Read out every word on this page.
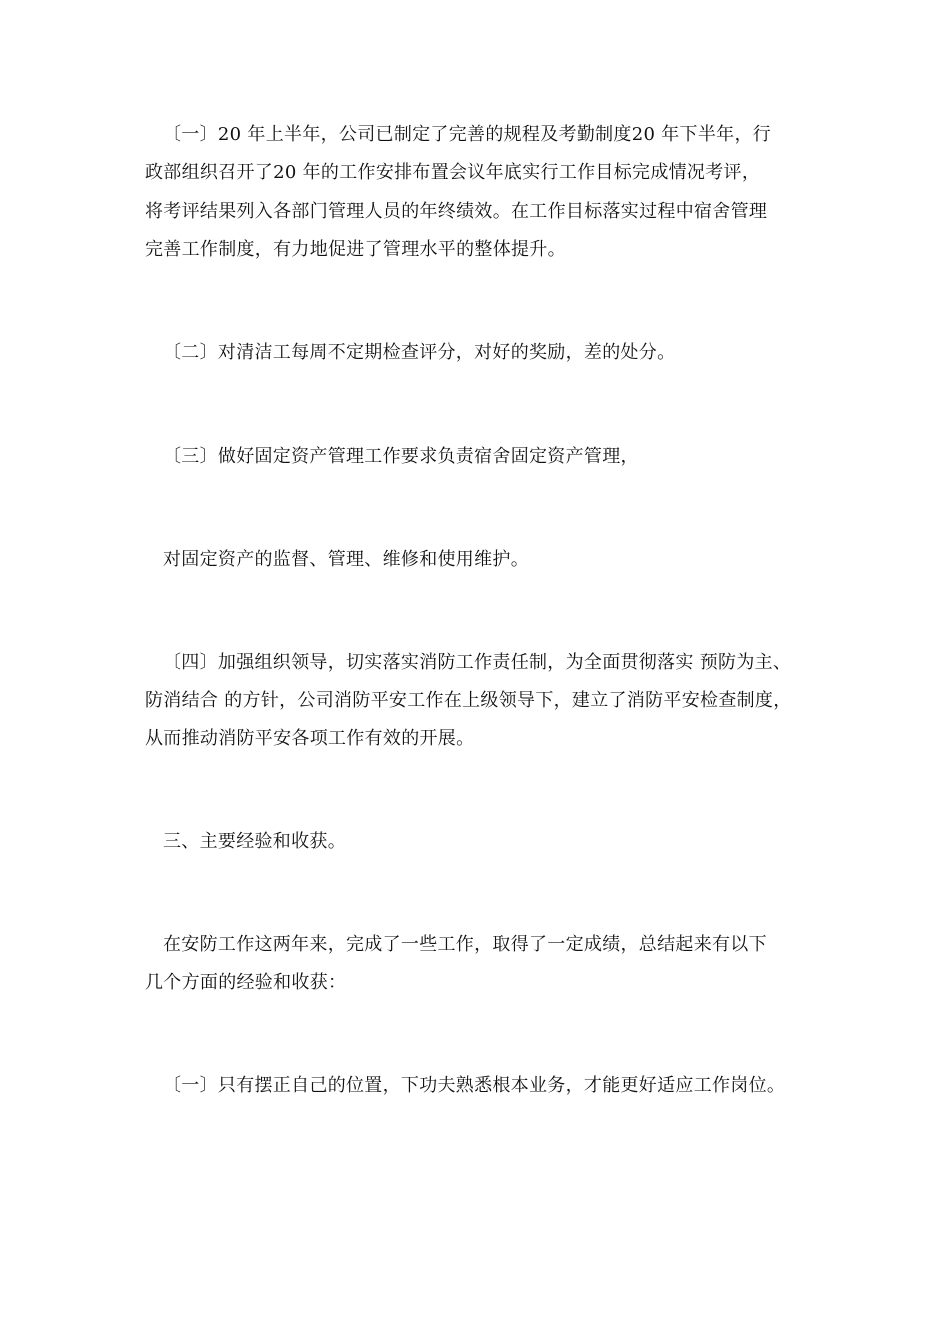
〔一〕20 年上半年，公司已制定了完善的规程及考勤制度20 年下半年，行
政部组织召开了20 年的工作安排布置会议年底实行工作目标完成情况考评，
将考评结果列入各部门管理人员的年终绩效。在工作目标落实过程中宿舍管理
完善工作制度，有力地促进了管理水平的整体提升。
〔二〕对清洁工每周不定期检查评分，对好的奖励，差的处分。
〔三〕做好固定资产管理工作要求负责宿舍固定资产管理，
对固定资产的监督、管理、维修和使用维护。
〔四〕加强组织领导，切实落实消防工作责任制，为全面贯彻落实 预防为主、
防消结合 的方针，公司消防平安工作在上级领导下，建立了消防平安检查制度，
从而推动消防平安各项工作有效的开展。
三、主要经验和收获。
在安防工作这两年来，完成了一些工作，取得了一定成绩，总结起来有以下
几个方面的经验和收获：
〔一〕只有摆正自己的位置，下功夫熟悉根本业务，才能更好适应工作岗位。
